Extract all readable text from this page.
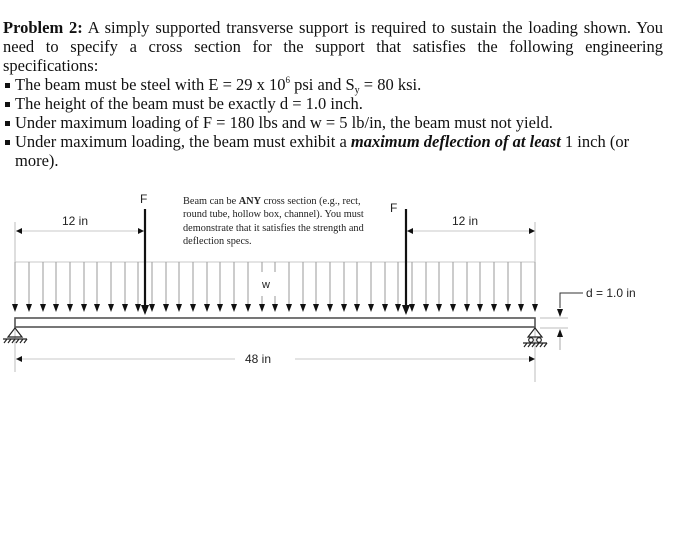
Problem 2: A simply supported transverse support is required to sustain the loading shown. You need to specify a cross section for the support that satisfies the following engineering specifications:

The beam must be steel with E = 29 x $10^6$ psi and $S_y = 80$ ksi.
The height of the beam must be exactly d = 1.0 inch.
Under maximum loading of F = 180 lbs and w = 5 lb/in, the beam must not yield.
Under maximum loading, the beam must exhibit a maximum deflection of at least 1 inch (or more).
F
F
12 in	12 in
48 in
w
d = 1.0 in
Beam can be ANY cross section (e.g., rect, round tube, hollow box, channel). You must demonstrate that it satisfies the strength and deflection specs.
